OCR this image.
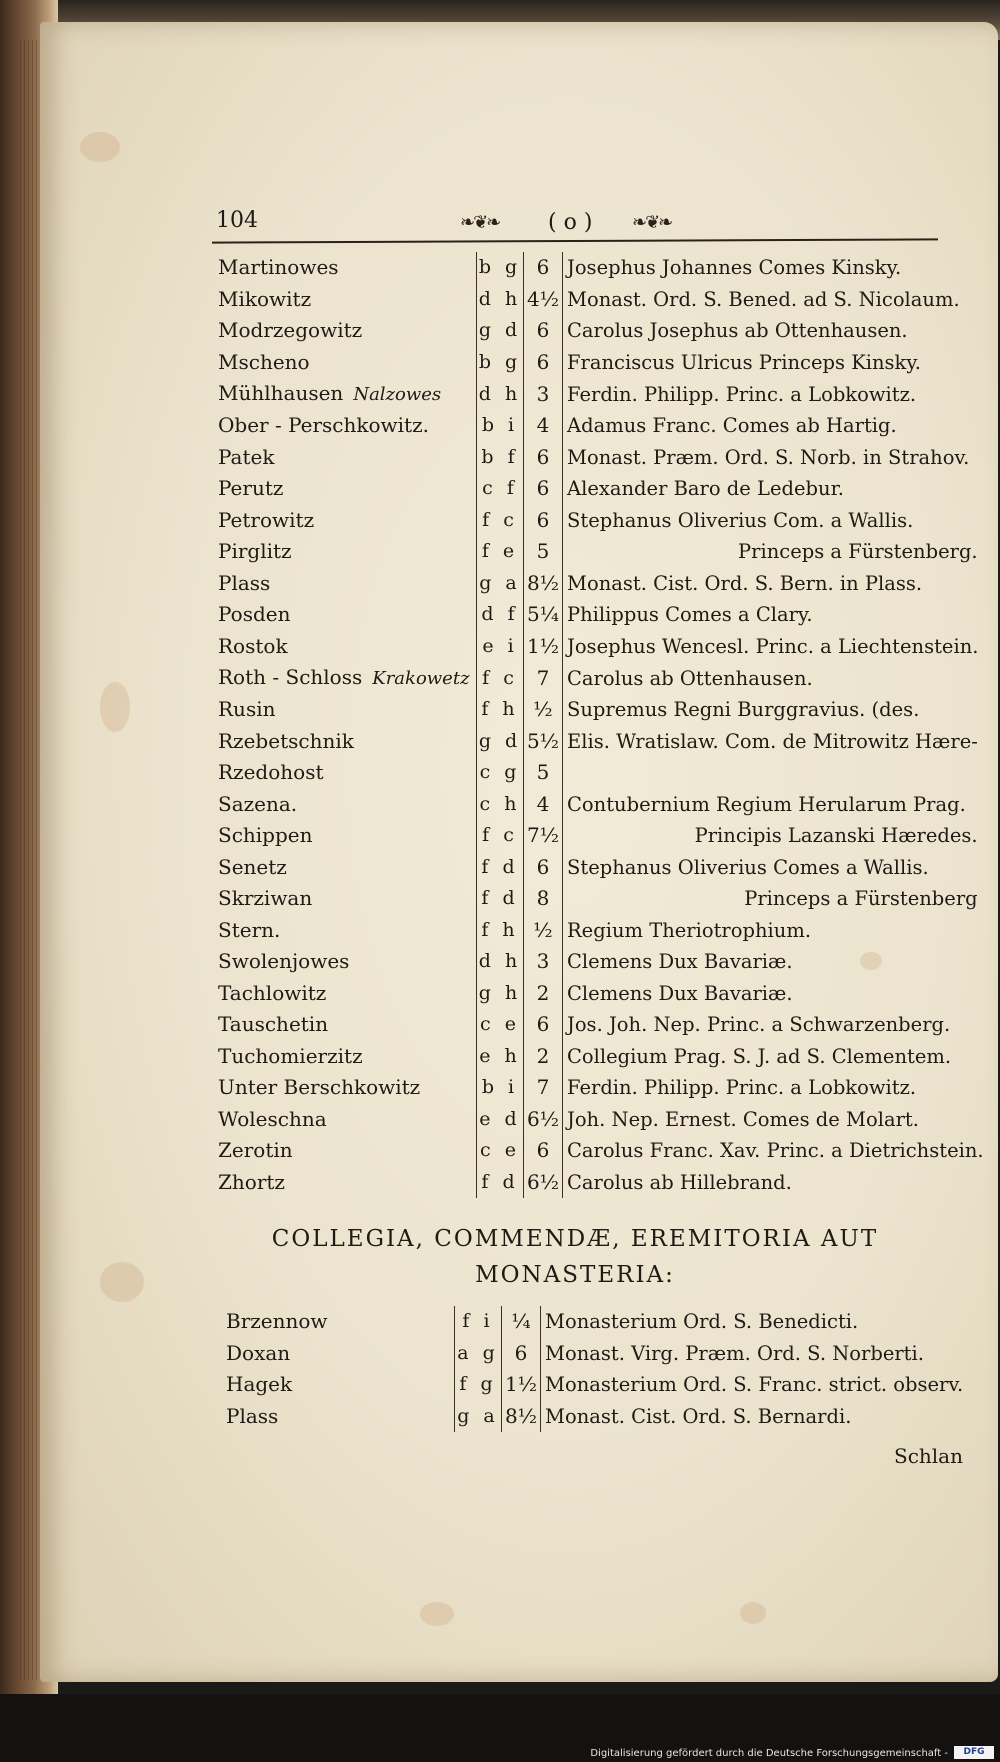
104	❧❦❧ ( o ) ❧❦❧
Martinowes	b g	6	Josephus Johannes Comes Kinsky.
Mikowitz	d h	4½	Monast. Ord. S. Bened. ad S. Nicolaum.
Modrzegowitz	g d	6	Carolus Josephus ab Ottenhausen.
Mscheno	b g	6	Franciscus Ulricus Princeps Kinsky.
Mühlhausen Nalzowes	d h	3	Ferdin. Philipp. Princ. a Lobkowitz.
Ober - Perschkowitz.	b i	4	Adamus Franc. Comes ab Hartig.
Patek	b f	6	Monast. Præm. Ord. S. Norb. in Strahov.
Perutz	c f	6	Alexander Baro de Ledebur.
Petrowitz	f c	6	Stephanus Oliverius Com. a Wallis.
Pirglitz	f e	5	Princeps a Fürstenberg.
Plass	g a	8½	Monast. Cist. Ord. S. Bern. in Plass.
Posden	d f	5¼	Philippus Comes a Clary.
Rostok	e i	1½	Josephus Wencesl. Princ. a Liechtenstein.
Roth - Schloss Krakowetz	f c	7	Carolus ab Ottenhausen.
Rusin	f h	½	Supremus Regni Burggravius. (des.
Rzebetschnik	g d	5½	Elis. Wratislaw. Com. de Mitrowitz Hære-
Rzedohost	c g	5	
Sazena.	c h	4	Contubernium Regium Herularum Prag.
Schippen	f c	7½	Principis Lazanski Hæredes.
Senetz	f d	6	Stephanus Oliverius Comes a Wallis.
Skrziwan	f d	8	Princeps a Fürstenberg
Stern.	f h	½	Regium Theriotrophium.
Swolenjowes	d h	3	Clemens Dux Bavariæ.
Tachlowitz	g h	2	Clemens Dux Bavariæ.
Tauschetin	c e	6	Jos. Joh. Nep. Princ. a Schwarzenberg.
Tuchomierzitz	e h	2	Collegium Prag. S. J. ad S. Clementem.
Unter Berschkowitz	b i	7	Ferdin. Philipp. Princ. a Lobkowitz.
Woleschna	e d	6½	Joh. Nep. Ernest. Comes de Molart.
Zerotin	c e	6	Carolus Franc. Xav. Princ. a Dietrichstein.
Zhortz	f d	6½	Carolus ab Hillebrand.
COLLEGIA, COMMENDÆ, EREMITORIA AUT
MONASTERIA:
Brzennow	f i	¼	Monasterium Ord. S. Benedicti.
Doxan	a g	6	Monast. Virg. Præm. Ord. S. Norberti.
Hagek	f g	1½	Monasterium Ord. S. Franc. strict. observ.
Plass	g a	8½	Monast. Cist. Ord. S. Bernardi.
Schlan
Digitalisierung gefördert durch die Deutsche Forschungsgemeinschaft -	DFG
